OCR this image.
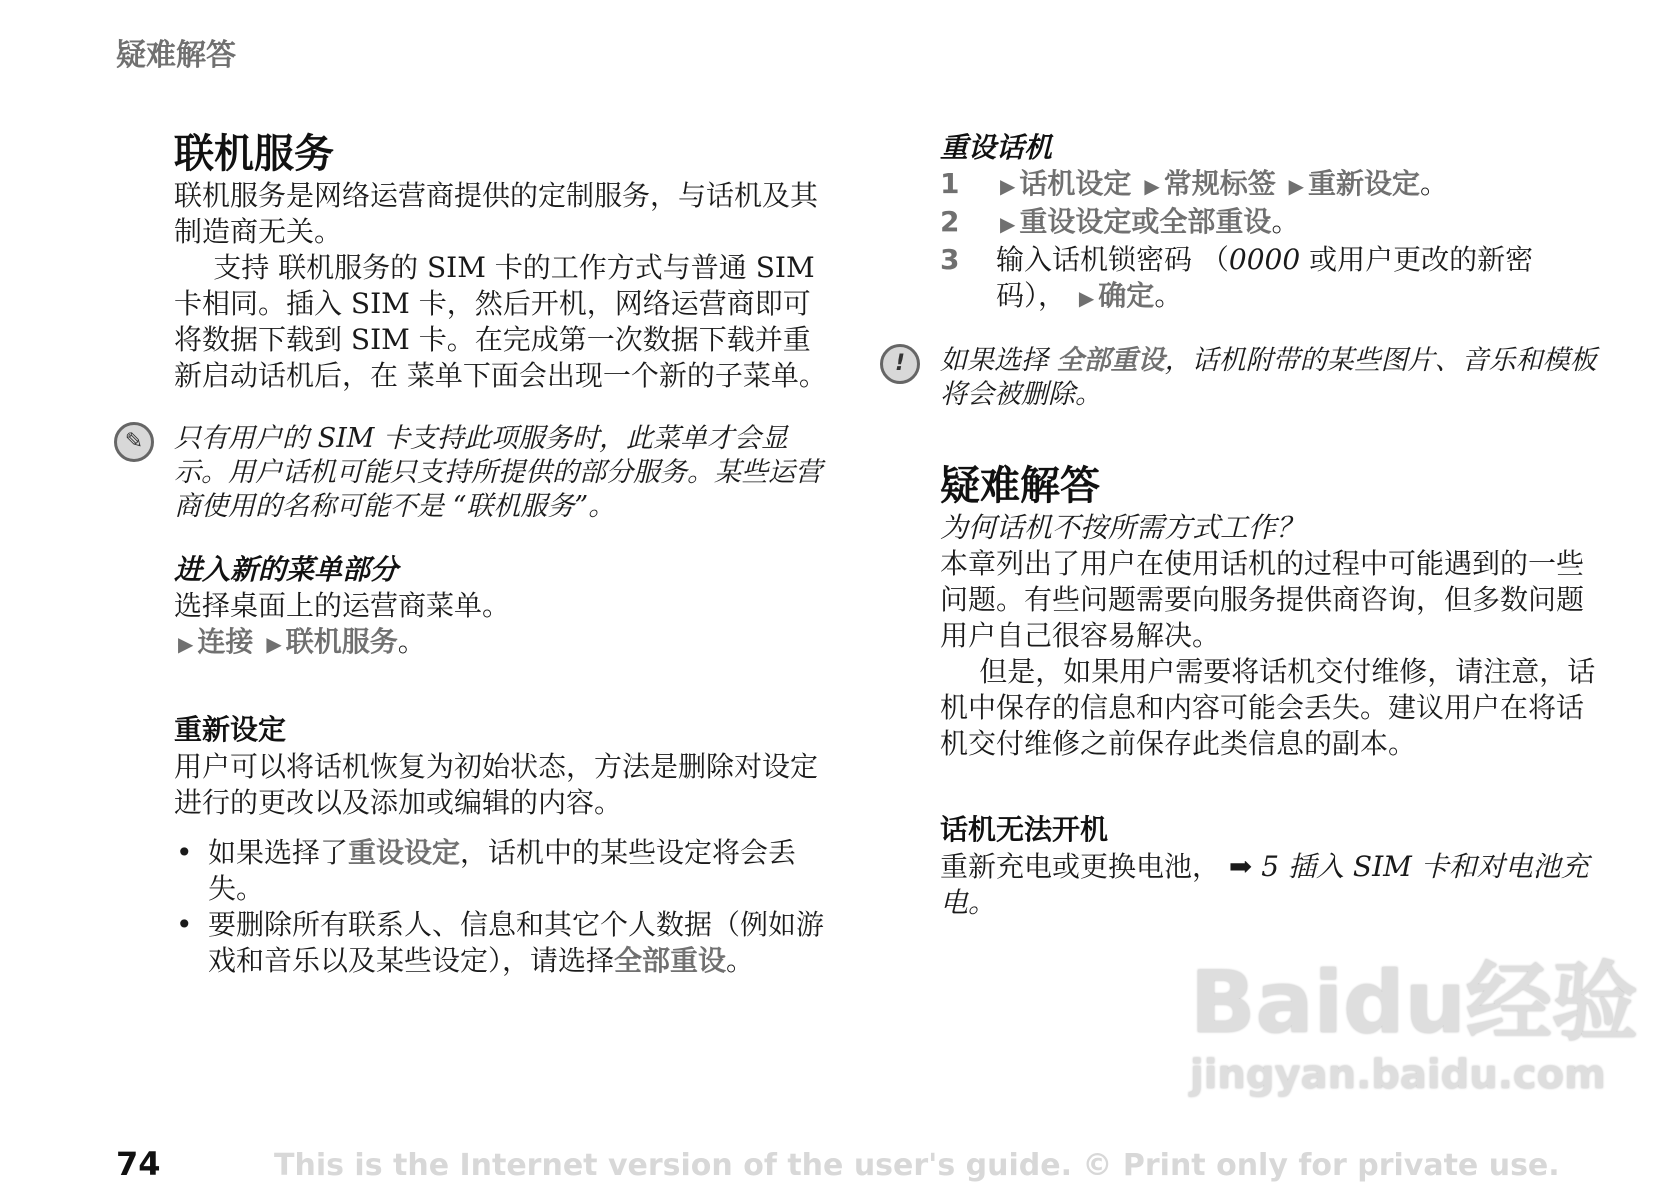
疑难解答
联机服务

联机服务是网络运营商提供的定制服务，与话机及其制造商无关。

支持 联机服务的 SIM 卡的工作方式与普通 SIM 卡相同。插入 SIM 卡，然后开机，网络运营商即可将数据下载到 SIM 卡。在完成第一次数据下载并重新启动话机后，在 菜单下面会出现一个新的子菜单。

✎	只有用户的 SIM 卡支持此项服务时，此菜单才会显示。用户话机可能只支持所提供的部分服务。某些运营商使用的名称可能不是 “联机服务”。
进入新的菜单部分

选择桌面上的运营商菜单。

▶ 连接 ▶ 联机服务。

重新设定

用户可以将话机恢复为初始状态，方法是删除对设定进行的更改以及添加或编辑的内容。

• 如果选择了重设设定，话机中的某些设定将会丢失。
• 要删除所有联系人、信息和其它个人数据（例如游戏和音乐以及某些设定），请选择全部重设。
重设话机
1 ▶ 话机设定 ▶ 常规标签 ▶ 重新设定。
2 ▶ 重设设定或全部重设。
3 输入话机锁密码 （0000 或用户更改的新密码）， ▶ 确定。
!	如果选择 全部重设，话机附带的某些图片、音乐和模板将会被删除。
疑难解答

为何话机不按所需方式工作？

本章列出了用户在使用话机的过程中可能遇到的一些问题。有些问题需要向服务提供商咨询，但多数问题用户自己很容易解决。

但是，如果用户需要将话机交付维修，请注意，话机中保存的信息和内容可能会丢失。建议用户在将话机交付维修之前保存此类信息的副本。

话机无法开机

重新充电或更换电池， ➡ 5 插入 SIM 卡和对电池充电。

74	This is the Internet version of the user's guide. © Print only for private use.
Baidu经验
jingyan.baidu.com
